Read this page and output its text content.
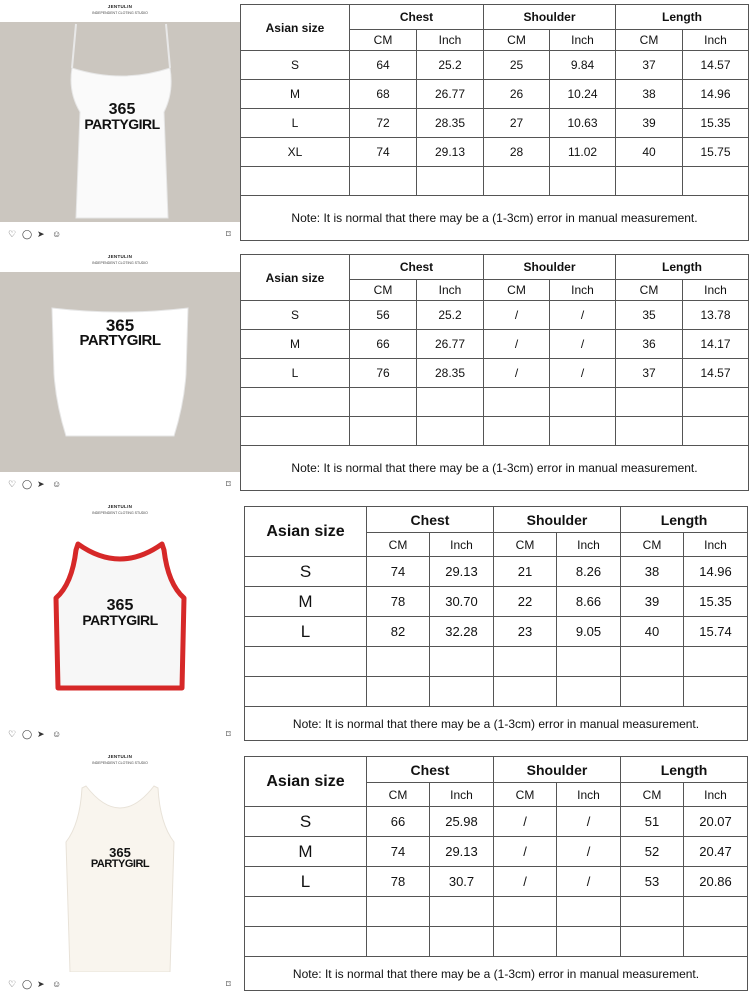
JENTULIN
INDEPENDENT CLOTING STUDIO
365
PARTYGIRL
♡ ◯ ➤ ☺	⌑
Asian size	Chest		Shoulder		Length	
	CM	Inch	CM	Inch	CM	Inch
S	64	25.2	25	9.84	37	14.57
M	68	26.77	26	10.24	38	14.96
L	72	28.35	27	10.63	39	15.35
XL	74	29.13	28	11.02	40	15.75

Note: It is normal that there may be a (1-3cm) error in manual measurement.						
JENTULIN
INDEPENDENT CLOTING STUDIO
365
PARTYGIRL
♡ ◯ ➤ ☺	⌑
Asian size	Chest		Shoulder		Length	
	CM	Inch	CM	Inch	CM	Inch
S	56	25.2	/	/	35	13.78
M	66	26.77	/	/	36	14.17
L	76	28.35	/	/	37	14.57

Note: It is normal that there may be a (1-3cm) error in manual measurement.						
JENTULIN
INDEPENDENT CLOTING STUDIO
365
PARTYGIRL
♡ ◯ ➤ ☺	⌑
Asian size	Chest		Shoulder		Length	
	CM	Inch	CM	Inch	CM	Inch
S	74	29.13	21	8.26	38	14.96
M	78	30.70	22	8.66	39	15.35
L	82	32.28	23	9.05	40	15.74

Note: It is normal that there may be a (1-3cm) error in manual measurement.						
JENTULIN
INDEPENDENT CLOTING STUDIO
365
PARTYGIRL
♡ ◯ ➤ ☺	⌑
Asian size	Chest		Shoulder		Length	
	CM	Inch	CM	Inch	CM	Inch
S	66	25.98	/	/	51	20.07
M	74	29.13	/	/	52	20.47
L	78	30.7	/	/	53	20.86

Note: It is normal that there may be a (1-3cm) error in manual measurement.						
